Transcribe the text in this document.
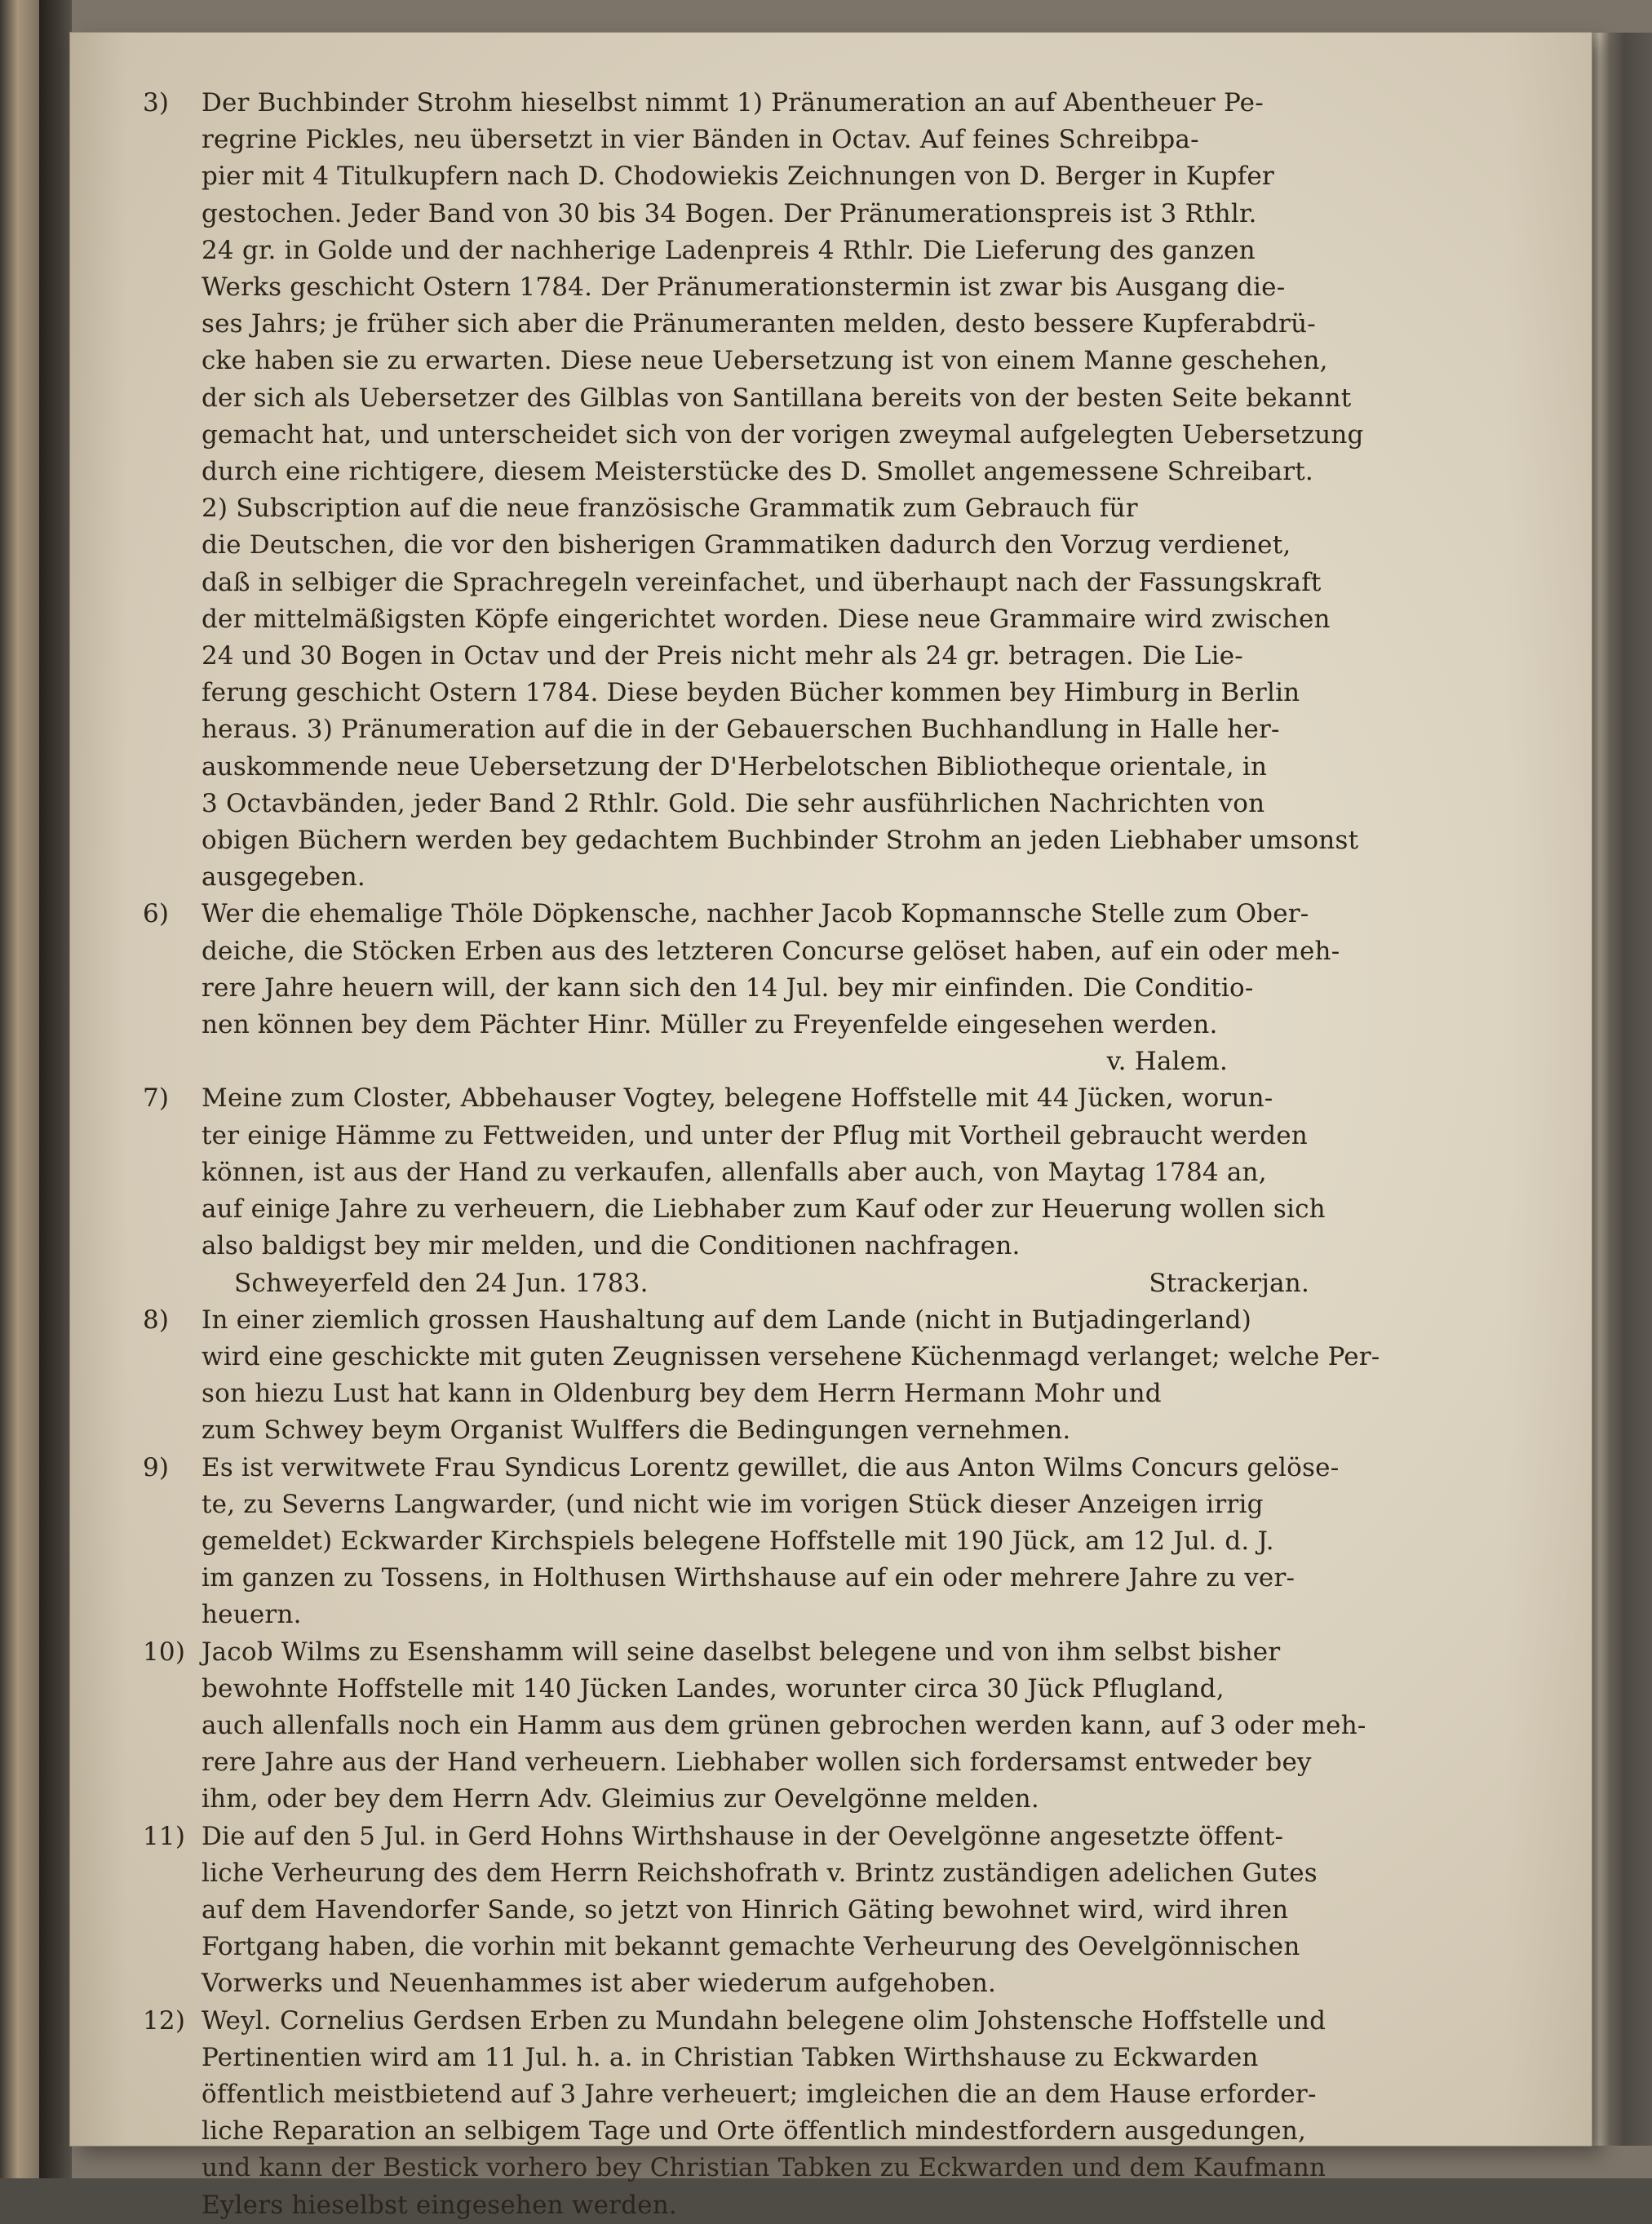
3)	Der Buchbinder Strohm hieselbst nimmt 1) Pränumeration an auf Abentheuer Pe-
regrine Pickles, neu übersetzt in vier Bänden in Octav. Auf feines Schreibpa-
pier mit 4 Titulkupfern nach D. Chodowiekis Zeichnungen von D. Berger in Kupfer
gestochen. Jeder Band von 30 bis 34 Bogen. Der Pränumerationspreis ist 3 Rthlr.
24 gr. in Golde und der nachherige Ladenpreis 4 Rthlr. Die Lieferung des ganzen
Werks geschicht Ostern 1784. Der Pränumerationstermin ist zwar bis Ausgang die-
ses Jahrs; je früher sich aber die Pränumeranten melden, desto bessere Kupferabdrü-
cke haben sie zu erwarten. Diese neue Uebersetzung ist von einem Manne geschehen,
der sich als Uebersetzer des Gilblas von Santillana bereits von der besten Seite bekannt
gemacht hat, und unterscheidet sich von der vorigen zweymal aufgelegten Uebersetzung
durch eine richtigere, diesem Meisterstücke des D. Smollet angemessene Schreibart.
2) Subscription auf die neue französische Grammatik zum Gebrauch für
die Deutschen, die vor den bisherigen Grammatiken dadurch den Vorzug verdienet,
daß in selbiger die Sprachregeln vereinfachet, und überhaupt nach der Fassungskraft
der mittelmäßigsten Köpfe eingerichtet worden. Diese neue Grammaire wird zwischen
24 und 30 Bogen in Octav und der Preis nicht mehr als 24 gr. betragen. Die Lie-
ferung geschicht Ostern 1784. Diese beyden Bücher kommen bey Himburg in Berlin
heraus. 3) Pränumeration auf die in der Gebauerschen Buchhandlung in Halle her-
auskommende neue Uebersetzung der D'Herbelotschen Bibliotheque orientale, in
3 Octavbänden, jeder Band 2 Rthlr. Gold. Die sehr ausführlichen Nachrichten von
obigen Büchern werden bey gedachtem Buchbinder Strohm an jeden Liebhaber umsonst
ausgegeben.
6)	Wer die ehemalige Thöle Döpkensche, nachher Jacob Kopmannsche Stelle zum Ober-
deiche, die Stöcken Erben aus des letzteren Concurse gelöset haben, auf ein oder meh-
rere Jahre heuern will, der kann sich den 14 Jul. bey mir einfinden. Die Conditio-
nen können bey dem Pächter Hinr. Müller zu Freyenfelde eingesehen werden.
v. Halem.
7)	Meine zum Closter, Abbehauser Vogtey, belegene Hoffstelle mit 44 Jücken, worun-
ter einige Hämme zu Fettweiden, und unter der Pflug mit Vortheil gebraucht werden
können, ist aus der Hand zu verkaufen, allenfalls aber auch, von Maytag 1784 an,
auf einige Jahre zu verheuern, die Liebhaber zum Kauf oder zur Heuerung wollen sich
also baldigst bey mir melden, und die Conditionen nachfragen.
Schweyerfeld den 24 Jun. 1783.	Strackerjan.
8)	In einer ziemlich grossen Haushaltung auf dem Lande (nicht in Butjadingerland)
wird eine geschickte mit guten Zeugnissen versehene Küchenmagd verlanget; welche Per-
son hiezu Lust hat kann in Oldenburg bey dem Herrn Hermann Mohr und
zum Schwey beym Organist Wulffers die Bedingungen vernehmen.
9)	Es ist verwitwete Frau Syndicus Lorentz gewillet, die aus Anton Wilms Concurs gelöse-
te, zu Severns Langwarder, (und nicht wie im vorigen Stück dieser Anzeigen irrig
gemeldet) Eckwarder Kirchspiels belegene Hoffstelle mit 190 Jück, am 12 Jul. d. J.
im ganzen zu Tossens, in Holthusen Wirthshause auf ein oder mehrere Jahre zu ver-
heuern.
10) Jacob Wilms zu Esenshamm will seine daselbst belegene und von ihm selbst bisher
bewohnte Hoffstelle mit 140 Jücken Landes, worunter circa 30 Jück Pflugland,
auch allenfalls noch ein Hamm aus dem grünen gebrochen werden kann, auf 3 oder meh-
rere Jahre aus der Hand verheuern. Liebhaber wollen sich fordersamst entweder bey
ihm, oder bey dem Herrn Adv. Gleimius zur Oevelgönne melden.
11) Die auf den 5 Jul. in Gerd Hohns Wirthshause in der Oevelgönne angesetzte öffent-
liche Verheurung des dem Herrn Reichshofrath v. Brintz zuständigen adelichen Gutes
auf dem Havendorfer Sande, so jetzt von Hinrich Gäting bewohnet wird, wird ihren
Fortgang haben, die vorhin mit bekannt gemachte Verheurung des Oevelgönnischen
Vorwerks und Neuenhammes ist aber wiederum aufgehoben.
12) Weyl. Cornelius Gerdsen Erben zu Mundahn belegene olim Johstensche Hoffstelle und
Pertinentien wird am 11 Jul. h. a. in Christian Tabken Wirthshause zu Eckwarden
öffentlich meistbietend auf 3 Jahre verheuert; imgleichen die an dem Hause erforder-
liche Reparation an selbigem Tage und Orte öffentlich mindestfordern ausgedungen,
und kann der Bestick vorhero bey Christian Tabken zu Eckwarden und dem Kaufmann
Eylers hieselbst eingesehen werden.
